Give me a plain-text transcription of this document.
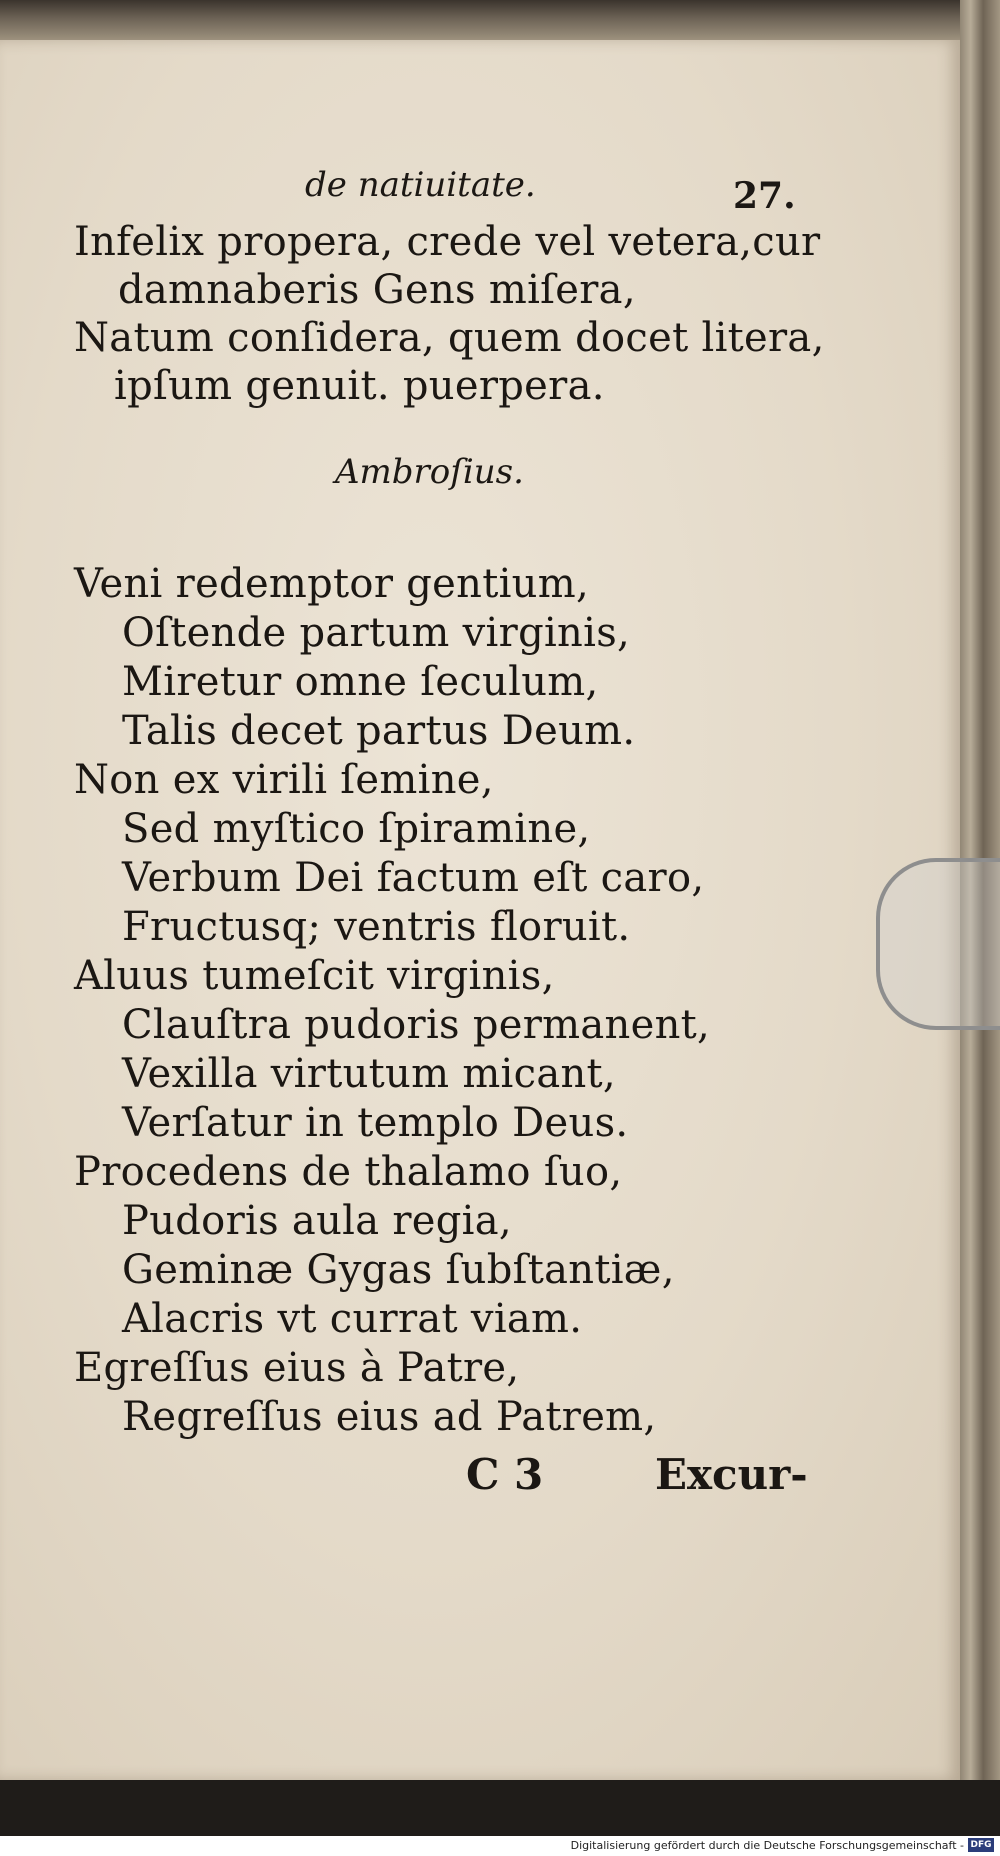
de natiuitate.	27.
Infelix propera, crede vel vetera,cur
damnaberis Gens miſera,
Natum conſidera, quem docet litera,
ipſum genuit. puerpera.
Ambroſius.
Veni redemptor gentium,
Oſtende partum virginis,
Miretur omne ſeculum,
Talis decet partus Deum.
Non ex virili ſemine,
Sed myſtico ſpiramine,
Verbum Dei factum eſt caro,
Fructusq; ventris floruit.
Aluus tumeſcit virginis,
Clauſtra pudoris permanent,
Vexilla virtutum micant,
Verſatur in templo Deus.
Procedens de thalamo ſuo,
Pudoris aula regia,
Geminæ Gygas ſubſtantiæ,
Alacris vt currat viam.
Egreſſus eius à Patre,
Regreſſus eius ad Patrem,
C 3	Excur-
Digitalisierung gefördert durch die Deutsche Forschungsgemeinschaft - DFG
